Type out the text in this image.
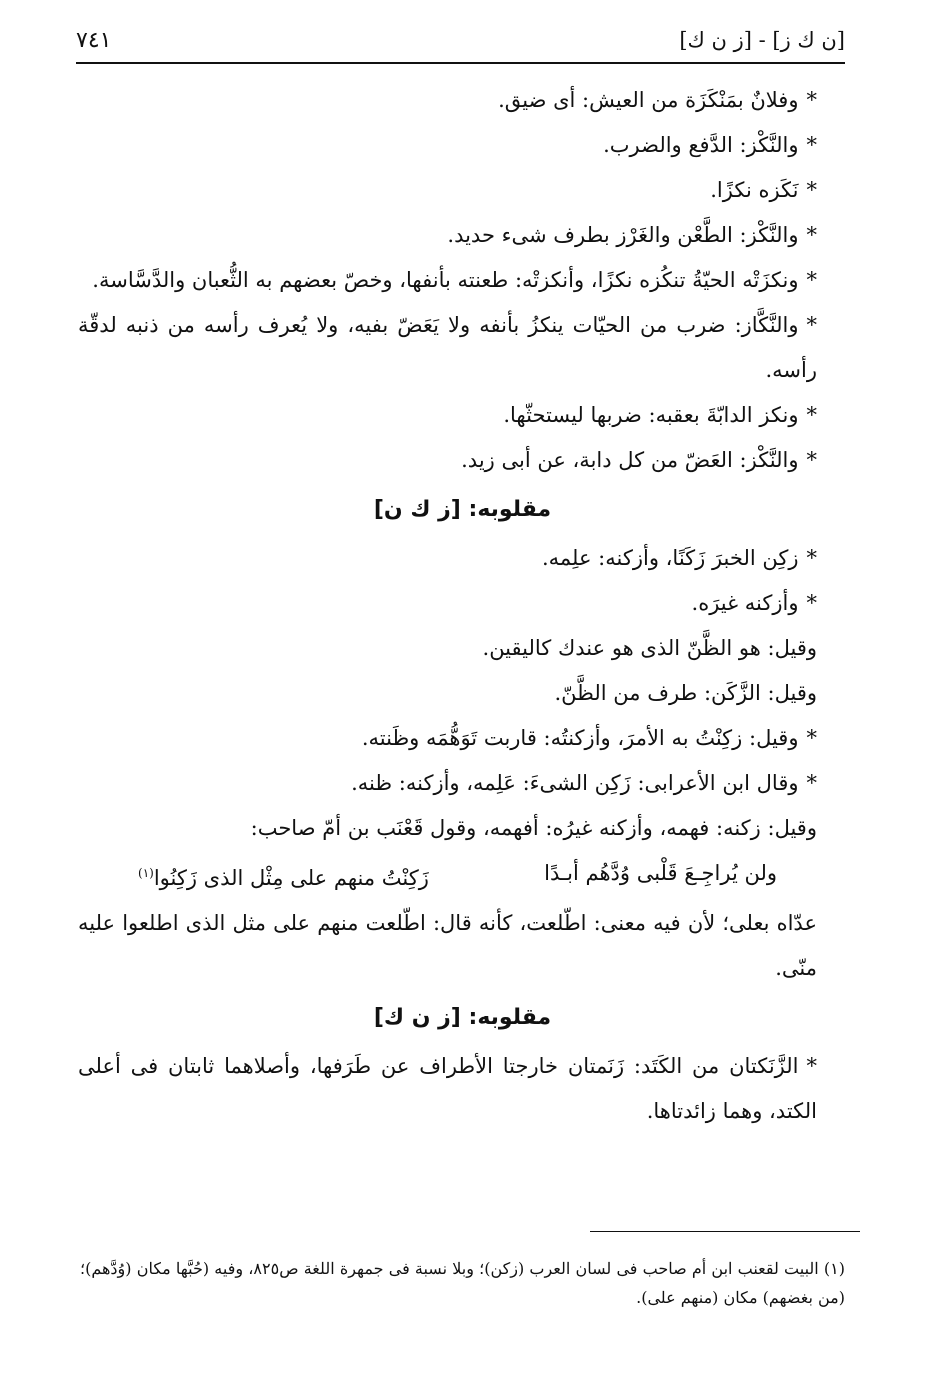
[ن ك ز] - [ز ن ك]
٧٤١

*وفلانٌ بمَنْكَزَة من العيش: أى ضيق.

*والنَّكْز: الدَّفع والضرب.

*نَكَزه نكزًا.

*والنَّكْز: الطَّعْن والغَرْز بطرف شىء حديد.

*ونكزَتْه الحيّةُ تنكُزه نكزًا، وأنكزتْه: طعنته بأنفها، وخصّ بعضهم به الثُّعبان والدَّسَّاسة.

*والنَّكَّاز: ضرب من الحيّات ينكزُ بأنفه ولا يَعَضّ بفيه، ولا يُعرف رأسه من ذنبه لدقّة رأسه.

*ونكز الدابّةَ بعقبه: ضربها ليستحثّها.

*والنَّكْز: العَضّ من كل دابة، عن أبى زيد.

مقلوبه: [ز ك ن]

*زكِن الخبرَ زَكَنًا، وأزكنه: علِمه.

*وأزكنه غيرَه.

وقيل: هو الظَّنّ الذى هو عندك كاليقين.

وقيل: الزَّكَن: طرف من الظَّنّ.

*وقيل: زكِنْتُ به الأمرَ، وأزكنتُه: قاربت تَوَهُّمَه وظَنته.

*وقال ابن الأعرابى: زَكِن الشىءَ: عَلِمه، وأزكنه: ظنه.

وقيل: زكنه: فهمه، وأزكنه غيرُه: أفهمه، وقول قَعْنَب بن أمّ صاحب:

ولن يُراجِـعَ قَلْبى وُدَّهُم أبـدًا
زَكِنْتُ منهم على مِثْل الذى زَكِنُوا$^{(١)}$

عدّاه بعلى؛ لأن فيه معنى: اطّلعت، كأنه قال: اطّلعت منهم على مثل الذى اطلعوا عليه منّى.

مقلوبه: [ز ن ك]

*الزَّنَكتان من الكَتَد: زَنَمتان خارجتا الأطراف عن طَرَفها، وأصلاهما ثابتان فى أعلى الكتد، وهما زائدتاها.

(١) البيت لقعنب ابن أم صاحب فى لسان العرب (زكن)؛ وبلا نسبة فى جمهرة اللغة ص٨٢٥، وفيه (حُبَّها مكان (وُدَّهم)؛ (من بغضهم) مكان (منهم على).
